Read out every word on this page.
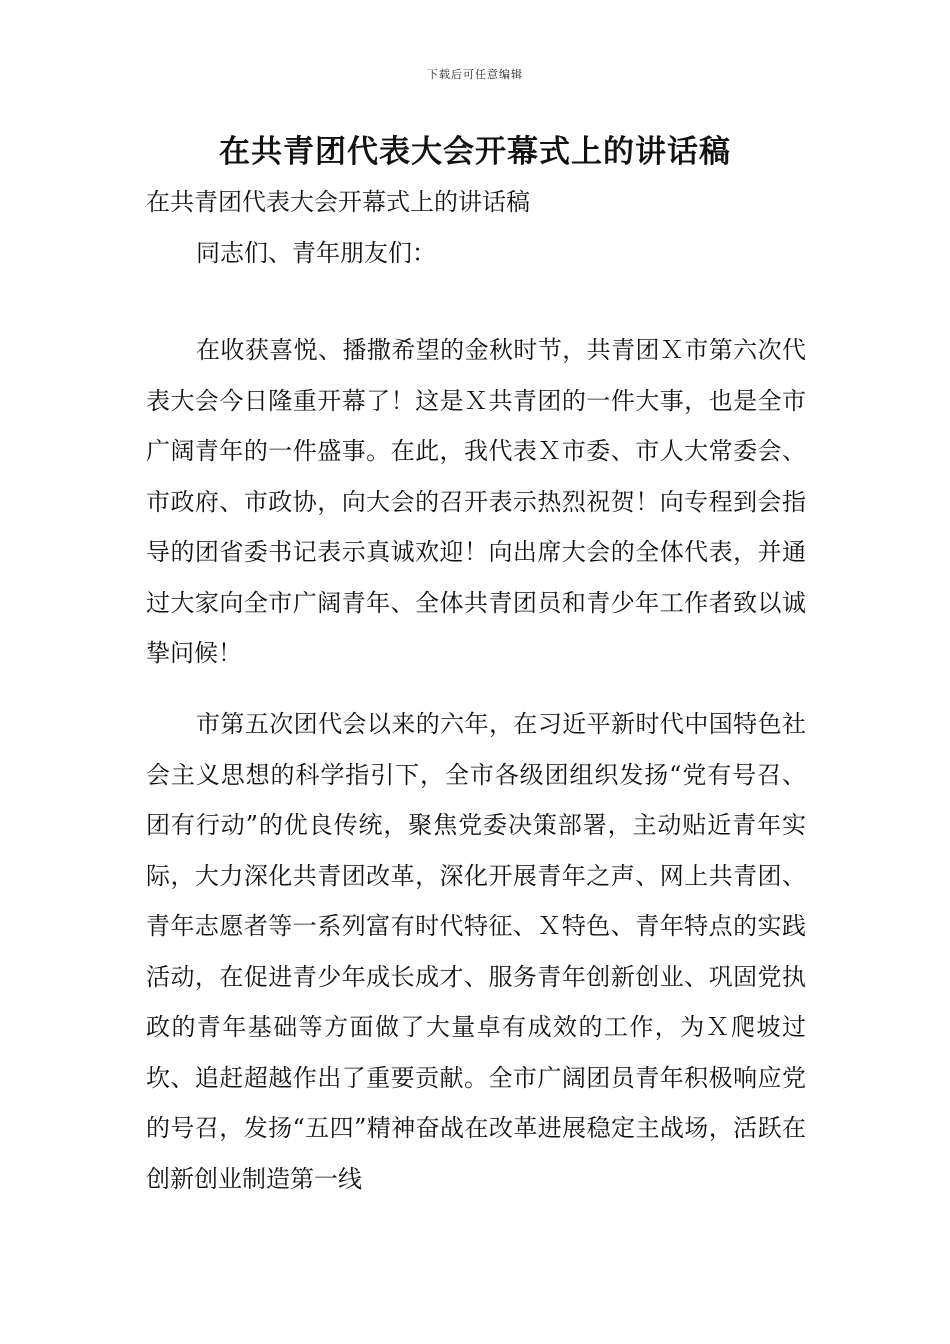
下载后可任意编辑
在共青团代表大会开幕式上的讲话稿
在共青团代表大会开幕式上的讲话稿
同志们、青年朋友们：

在收获喜悦、播撒希望的金秋时节，共青团Ｘ市第六次代表大会今日隆重开幕了！这是Ｘ共青团的一件大事，也是全市广阔青年的一件盛事。在此，我代表Ｘ市委、市人大常委会、市政府、市政协，向大会的召开表示热烈祝贺！向专程到会指导的团省委书记表示真诚欢迎！向出席大会的全体代表，并通过大家向全市广阔青年、全体共青团员和青少年工作者致以诚挚问候！

市第五次团代会以来的六年，在习近平新时代中国特色社会主义思想的科学指引下，全市各级团组织发扬“党有号召、团有行动”的优良传统，聚焦党委决策部署，主动贴近青年实际，大力深化共青团改革，深化开展青年之声、网上共青团、青年志愿者等一系列富有时代特征、Ｘ特色、青年特点的实践活动，在促进青少年成长成才、服务青年创新创业、巩固党执政的青年基础等方面做了大量卓有成效的工作，为Ｘ爬坡过坎、追赶超越作出了重要贡献。全市广阔团员青年积极响应党的号召，发扬“五四”精神奋战在改革进展稳定主战场，活跃在创新创业制造第一线
